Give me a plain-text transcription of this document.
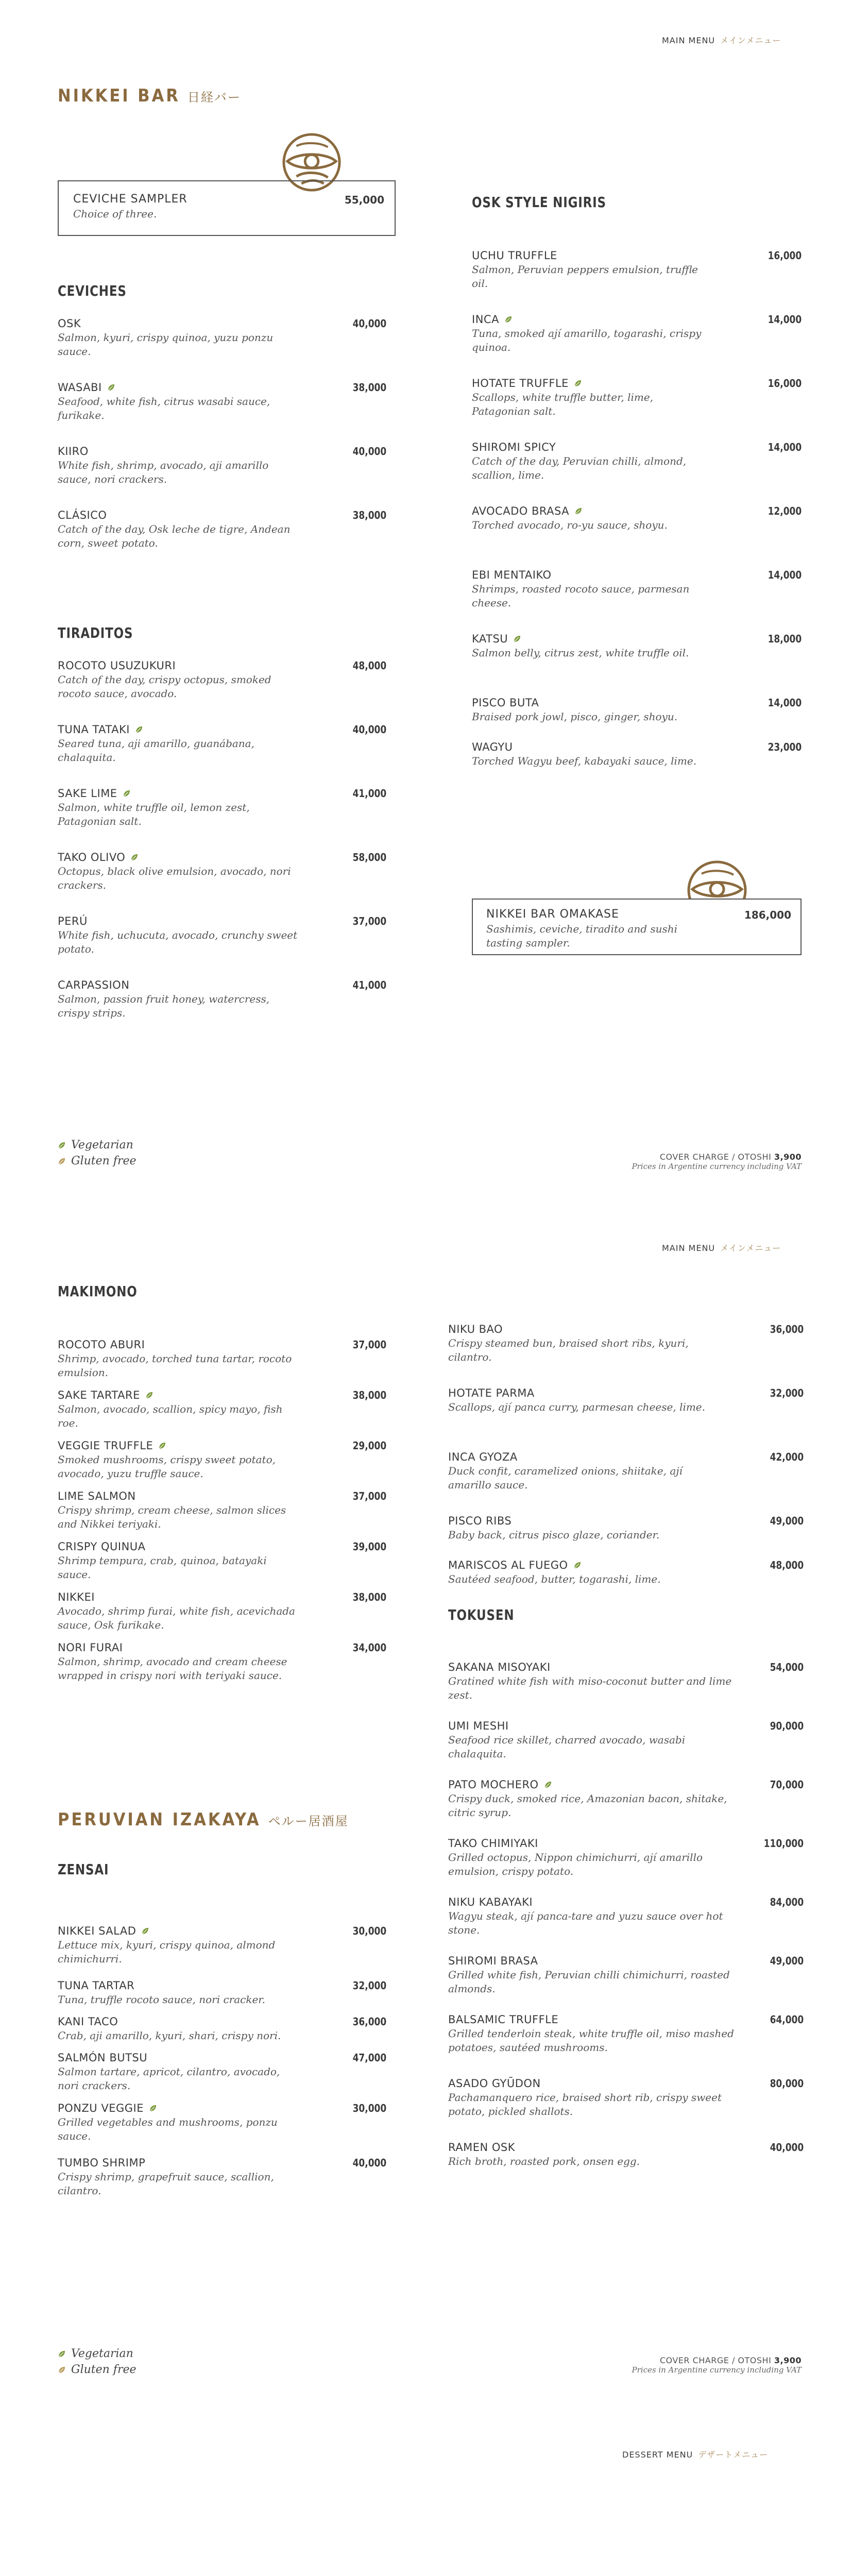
MAIN MENU メインメニュー
NIKKEI BAR 日経バー
CEVICHE SAMPLER
Choice of three.
55,000
CEVICHES
OSK
Salmon, kyuri, crispy quinoa, yuzu ponzu sauce.
40,000
WASABI
Seafood, white fish, citrus wasabi sauce, furikake.
38,000
KIIRO
White fish, shrimp, avocado, aji amarillo sauce, nori crackers.
40,000
CLÁSICO
Catch of the day, Osk leche de tigre, Andean corn, sweet potato.
38,000
TIRADITOS
ROCOTO USUZUKURI
Catch of the day, crispy octopus, smoked rocoto sauce, avocado.
48,000
TUNA TATAKI
Seared tuna, aji amarillo, guanábana, chalaquita.
40,000
SAKE LIME
Salmon, white truffle oil, lemon zest, Patagonian salt.
41,000
TAKO OLIVO
Octopus, black olive emulsion, avocado, nori crackers.
58,000
PERÚ
White fish, uchucuta, avocado, crunchy sweet potato.
37,000
CARPASSION
Salmon, passion fruit honey, watercress, crispy strips.
41,000
OSK STYLE NIGIRIS
UCHU TRUFFLE
Salmon, Peruvian peppers emulsion, truffle oil.
16,000
INCA
Tuna, smoked ají amarillo, togarashi, crispy quinoa.
14,000
HOTATE TRUFFLE
Scallops, white truffle butter, lime, Patagonian salt.
16,000
SHIROMI SPICY
Catch of the day, Peruvian chilli, almond, scallion, lime.
14,000
AVOCADO BRASA
Torched avocado, ro-yu sauce, shoyu.
12,000
EBI MENTAIKO
Shrimps, roasted rocoto sauce, parmesan cheese.
14,000
KATSU
Salmon belly, citrus zest, white truffle oil.
18,000
PISCO BUTA
Braised pork jowl, pisco, ginger, shoyu.
14,000
WAGYU
Torched Wagyu beef, kabayaki sauce, lime.
23,000
NIKKEI BAR OMAKASE
Sashimis, ceviche, tiradito and sushi tasting sampler.
186,000
Vegetarian
Gluten free	COVER CHARGE / OTOSHI 3,900
Prices in Argentine currency including VAT
MAIN MENU メインメニュー
MAKIMONO
ROCOTO ABURI
Shrimp, avocado, torched tuna tartar, rocoto emulsion.
37,000
SAKE TARTARE
Salmon, avocado, scallion, spicy mayo, fish roe.
38,000
VEGGIE TRUFFLE
Smoked mushrooms, crispy sweet potato, avocado, yuzu truffle sauce.
29,000
LIME SALMON
Crispy shrimp, cream cheese, salmon slices and Nikkei teriyaki.
37,000
CRISPY QUINUA
Shrimp tempura, crab, quinoa, batayaki sauce.
39,000
NIKKEI
Avocado, shrimp furai, white fish, acevichada sauce, Osk furikake.
38,000
NORI FURAI
Salmon, shrimp, avocado and cream cheese wrapped in crispy nori with teriyaki sauce.
34,000
PERUVIAN IZAKAYA ペルー居酒屋
ZENSAI
NIKKEI SALAD
Lettuce mix, kyuri, crispy quinoa, almond chimichurri.
30,000
TUNA TARTAR
Tuna, truffle rocoto sauce, nori cracker.
32,000
KANI TACO
Crab, aji amarillo, kyuri, shari, crispy nori.
36,000
SALMÓN BUTSU
Salmon tartare, apricot, cilantro, avocado, nori crackers.
47,000
PONZU VEGGIE
Grilled vegetables and mushrooms, ponzu sauce.
30,000
TUMBO SHRIMP
Crispy shrimp, grapefruit sauce, scallion, cilantro.
40,000
NIKU BAO
Crispy steamed bun, braised short ribs, kyuri, cilantro.
36,000
HOTATE PARMA
Scallops, ají panca curry, parmesan cheese, lime.
32,000
INCA GYOZA
Duck confit, caramelized onions, shiitake, ají amarillo sauce.
42,000
PISCO RIBS
Baby back, citrus pisco glaze, coriander.
49,000
MARISCOS AL FUEGO
Sautéed seafood, butter, togarashi, lime.
48,000
TOKUSEN
SAKANA MISOYAKI
Gratined white fish with miso-coconut butter and lime zest.
54,000
UMI MESHI
Seafood rice skillet, charred avocado, wasabi chalaquita.
90,000
PATO MOCHERO
Crispy duck, smoked rice, Amazonian bacon, shitake, citric syrup.
70,000
TAKO CHIMIYAKI
Grilled octopus, Nippon chimichurri, ají amarillo emulsion, crispy potato.
110,000
NIKU KABAYAKI
Wagyu steak, ají panca-tare and yuzu sauce over hot stone.
84,000
SHIROMI BRASA
Grilled white fish, Peruvian chilli chimichurri, roasted almonds.
49,000
BALSAMIC TRUFFLE
Grilled tenderloin steak, white truffle oil, miso mashed potatoes, sautéed mushrooms.
64,000
ASADO GYŪDON
Pachamanquero rice, braised short rib, crispy sweet potato, pickled shallots.
80,000
RAMEN OSK
Rich broth, roasted pork, onsen egg.
40,000
Vegetarian
Gluten free
COVER CHARGE / OTOSHI 3,900
Prices in Argentine currency including VAT
DESSERT MENU デザートメニュー
